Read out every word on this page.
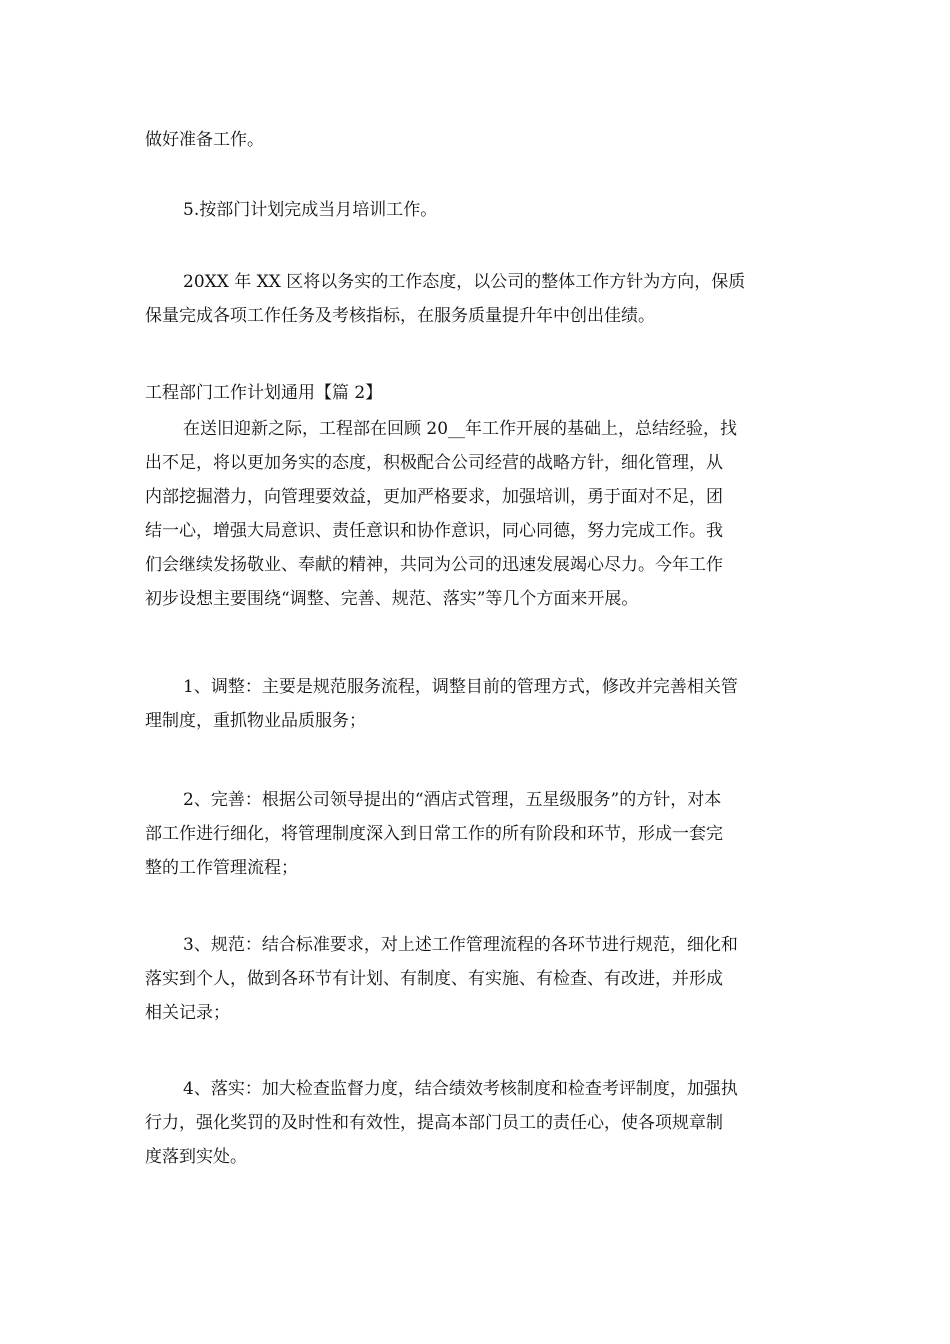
做好准备工作。

5.按部门计划完成当月培训工作。

20XX 年 XX 区将以务实的工作态度，以公司的整体工作方针为方向，保质
保量完成各项工作任务及考核指标，在服务质量提升年中创出佳绩。

工程部门工作计划通用【篇 2】

在送旧迎新之际，工程部在回顾 20__年工作开展的基础上，总结经验，找
出不足，将以更加务实的态度，积极配合公司经营的战略方针，细化管理，从
内部挖掘潜力，向管理要效益，更加严格要求，加强培训，勇于面对不足，团
结一心，增强大局意识、责任意识和协作意识，同心同德，努力完成工作。我
们会继续发扬敬业、奉献的精神，共同为公司的迅速发展竭心尽力。今年工作
初步设想主要围绕“调整、完善、规范、落实”等几个方面来开展。

1、调整：主要是规范服务流程，调整目前的管理方式，修改并完善相关管
理制度，重抓物业品质服务；

2、完善：根据公司领导提出的“酒店式管理，五星级服务”的方针，对本
部工作进行细化，将管理制度深入到日常工作的所有阶段和环节，形成一套完
整的工作管理流程；

3、规范：结合标准要求，对上述工作管理流程的各环节进行规范，细化和
落实到个人，做到各环节有计划、有制度、有实施、有检查、有改进，并形成
相关记录；

4、落实：加大检查监督力度，结合绩效考核制度和检查考评制度，加强执
行力，强化奖罚的及时性和有效性，提高本部门员工的责任心，使各项规章制
度落到实处。
